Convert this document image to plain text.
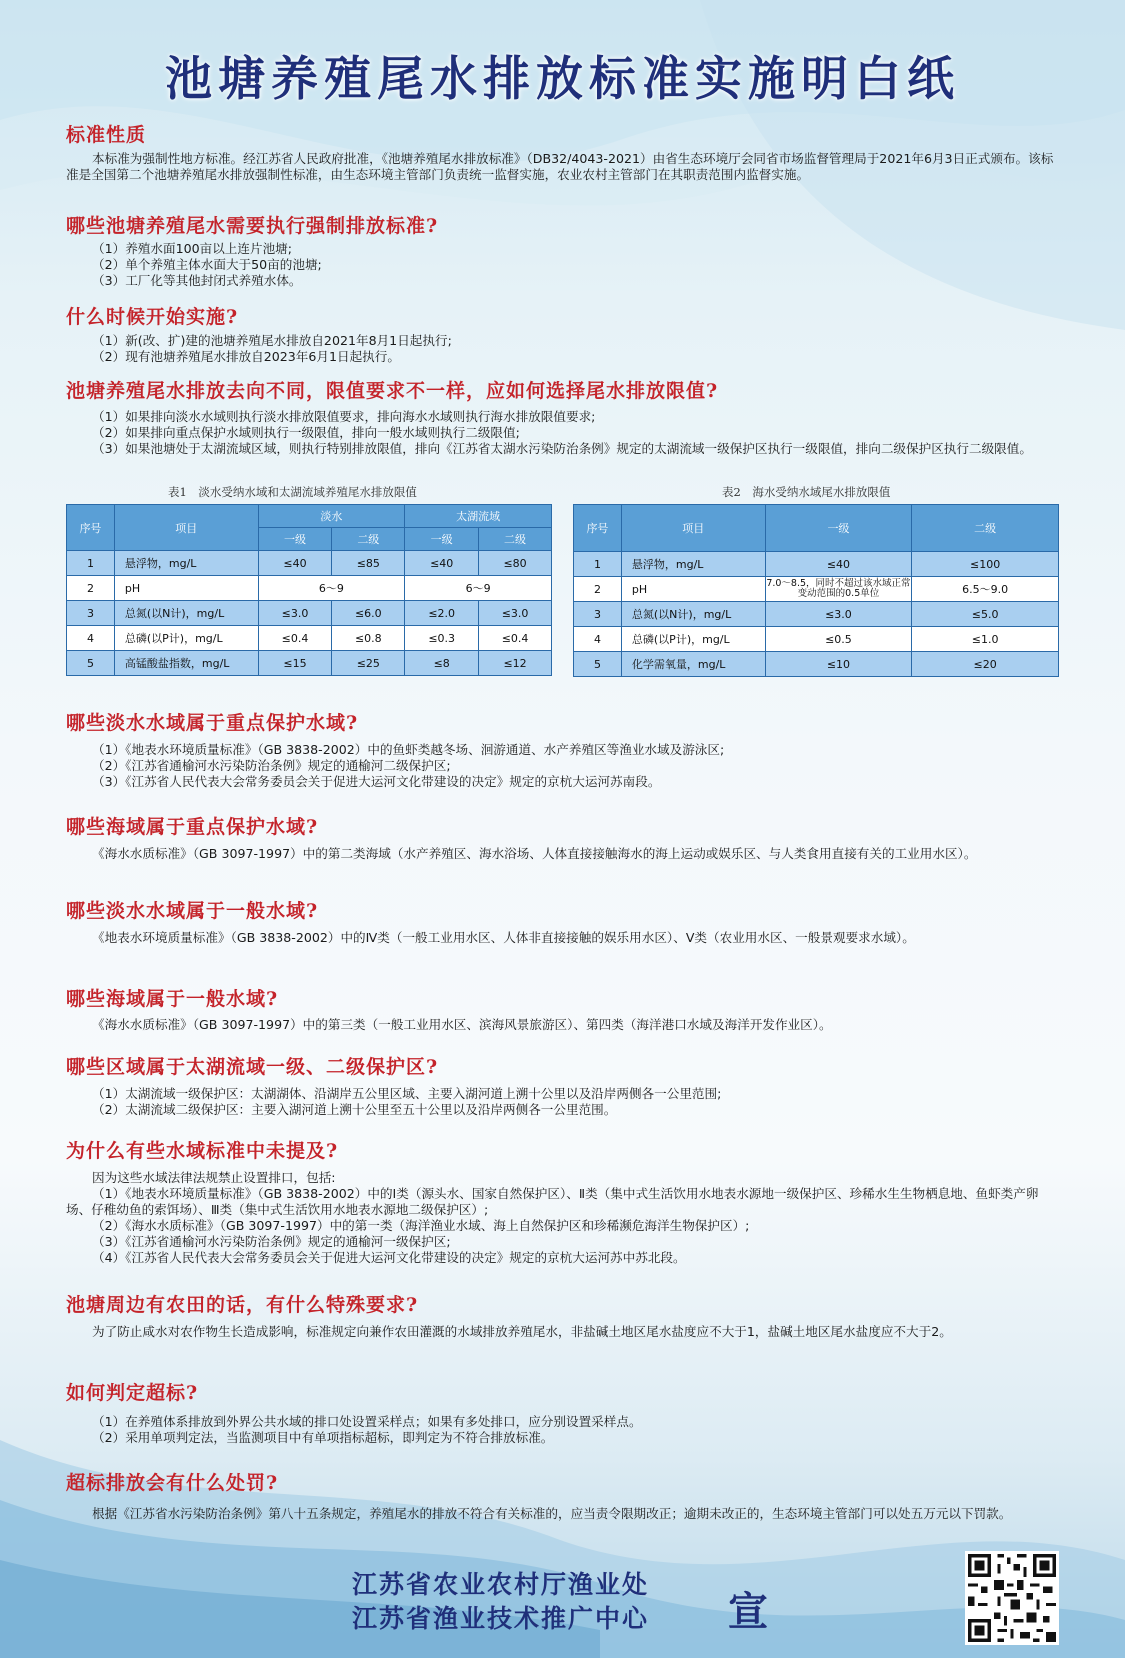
池塘养殖尾水排放标准实施明白纸
标准性质

本标准为强制性地方标准。经江苏省人民政府批准，《池塘养殖尾水排放标准》（DB32/4043-2021）由省生态环境厅会同省市场监督管理局于2021年6月3日正式颁布。该标准是全国第二个池塘养殖尾水排放强制性标准，由生态环境主管部门负责统一监督实施，农业农村主管部门在其职责范围内监督实施。

哪些池塘养殖尾水需要执行强制排放标准?
（1）养殖水面100亩以上连片池塘;
（2）单个养殖主体水面大于50亩的池塘;
（3）工厂化等其他封闭式养殖水体。
什么时候开始实施?
（1）新(改、扩)建的池塘养殖尾水排放自2021年8月1日起执行;
（2）现有池塘养殖尾水排放自2023年6月1日起执行。
池塘养殖尾水排放去向不同，限值要求不一样，应如何选择尾水排放限值?
（1）如果排向淡水水域则执行淡水排放限值要求，排向海水水域则执行海水排放限值要求;
（2）如果排向重点保护水域则执行一级限值，排向一般水域则执行二级限值;
（3）如果池塘处于太湖流域区域，则执行特别排放限值，排向《江苏省太湖水污染防治条例》规定的太湖流域一级保护区执行一级限值，排向二级保护区执行二级限值。

表1　淡水受纳水域和太湖流域养殖尾水排放限值	表2　海水受纳水域尾水排放限值

序号	项目	淡水		太湖流域	
		一级	二级	一级	二级
1	悬浮物，mg/L	≤40	≤85	≤40	≤80
2	pH	6～9		6～9	
3	总氮(以N计)，mg/L	≤3.0	≤6.0	≤2.0	≤3.0
4	总磷(以P计)，mg/L	≤0.4	≤0.8	≤0.3	≤0.4
5	高锰酸盐指数，mg/L	≤15	≤25	≤8	≤12
序号	项目	一级	二级
1	悬浮物，mg/L	≤40	≤100
2	pH	7.0～8.5，同时不超过该水域正常变动范围的0.5单位	6.5～9.0
3	总氮(以N计)，mg/L	≤3.0	≤5.0
4	总磷(以P计)，mg/L	≤0.5	≤1.0
5	化学需氧量，mg/L	≤10	≤20
哪些淡水水域属于重点保护水域?
（1）《地表水环境质量标准》（GB 3838-2002）中的鱼虾类越冬场、洄游通道、水产养殖区等渔业水域及游泳区;
（2）《江苏省通榆河水污染防治条例》规定的通榆河二级保护区;
（3）《江苏省人民代表大会常务委员会关于促进大运河文化带建设的决定》规定的京杭大运河苏南段。
哪些海域属于重点保护水域?

《海水水质标准》（GB 3097-1997）中的第二类海域（水产养殖区、海水浴场、人体直接接触海水的海上运动或娱乐区、与人类食用直接有关的工业用水区）。

哪些淡水水域属于一般水域?

《地表水环境质量标准》（GB 3838-2002）中的Ⅳ类（一般工业用水区、人体非直接接触的娱乐用水区）、Ⅴ类（农业用水区、一般景观要求水域）。

哪些海域属于一般水域?

《海水水质标准》（GB 3097-1997）中的第三类（一般工业用水区、滨海风景旅游区）、第四类（海洋港口水域及海洋开发作业区）。

哪些区域属于太湖流域一级、二级保护区?
（1）太湖流域一级保护区：太湖湖体、沿湖岸五公里区域、主要入湖河道上溯十公里以及沿岸两侧各一公里范围;
（2）太湖流域二级保护区：主要入湖河道上溯十公里至五十公里以及沿岸两侧各一公里范围。
为什么有些水域标准中未提及?

因为这些水域法律法规禁止设置排口，包括:

（1）《地表水环境质量标准》（GB 3838-2002）中的Ⅰ类（源头水、国家自然保护区）、Ⅱ类（集中式生活饮用水地表水源地一级保护区、珍稀水生生物栖息地、鱼虾类产卵场、仔稚幼鱼的索饵场）、Ⅲ类（集中式生活饮用水地表水源地二级保护区）;
（2）《海水水质标准》（GB 3097-1997）中的第一类（海洋渔业水域、海上自然保护区和珍稀濒危海洋生物保护区）;
（3）《江苏省通榆河水污染防治条例》规定的通榆河一级保护区;
（4）《江苏省人民代表大会常务委员会关于促进大运河文化带建设的决定》规定的京杭大运河苏中苏北段。
池塘周边有农田的话，有什么特殊要求?

为了防止咸水对农作物生长造成影响，标准规定向兼作农田灌溉的水域排放养殖尾水，非盐碱土地区尾水盐度应不大于1，盐碱土地区尾水盐度应不大于2。

如何判定超标?
（1）在养殖体系排放到外界公共水域的排口处设置采样点；如果有多处排口，应分别设置采样点。
（2）采用单项判定法，当监测项目中有单项指标超标，即判定为不符合排放标准。
超标排放会有什么处罚?

根据《江苏省水污染防治条例》第八十五条规定，养殖尾水的排放不符合有关标准的，应当责令限期改正；逾期未改正的，生态环境主管部门可以处五万元以下罚款。

江苏省农业农村厅渔业处
江苏省渔业技术推广中心 宣
